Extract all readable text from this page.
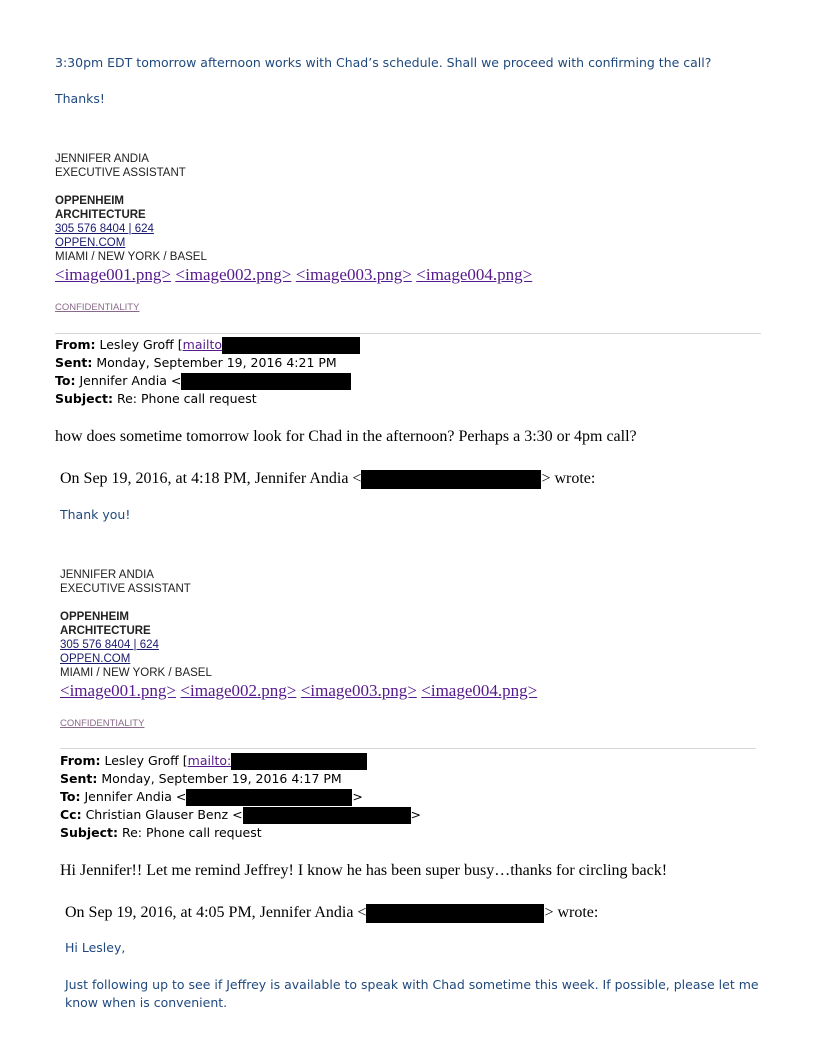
3:30pm EDT tomorrow afternoon works with Chad’s schedule. Shall we proceed with confirming the call?
Thanks!
JENNIFER ANDIA
EXECUTIVE ASSISTANT
OPPENHEIM
ARCHITECTURE
305 576 8404 | 624
OPPEN.COM
MIAMI / NEW YORK / BASEL
<image001.png> <image002.png> <image003.png> <image004.png>
CONFIDENTIALITY
From: Lesley Groff [mailto
Sent: Monday, September 19, 2016 4:21 PM
To: Jennifer Andia <
Subject: Re: Phone call request
how does sometime tomorrow look for Chad in the afternoon? Perhaps a 3:30 or 4pm call?
On Sep 19, 2016, at 4:18 PM, Jennifer Andia <	> wrote:
Thank you!
JENNIFER ANDIA
EXECUTIVE ASSISTANT
OPPENHEIM
ARCHITECTURE
305 576 8404 | 624
OPPEN.COM
MIAMI / NEW YORK / BASEL
<image001.png> <image002.png> <image003.png> <image004.png>
CONFIDENTIALITY
From: Lesley Groff [mailto:
Sent: Monday, September 19, 2016 4:17 PM
To: Jennifer Andia <	>
Cc: Christian Glauser Benz <	>
Subject: Re: Phone call request
Hi Jennifer!! Let me remind Jeffrey! I know he has been super busy…thanks for circling back!
On Sep 19, 2016, at 4:05 PM, Jennifer Andia <	> wrote:
Hi Lesley,
Just following up to see if Jeffrey is available to speak with Chad sometime this week. If possible, please let me
know when is convenient.
